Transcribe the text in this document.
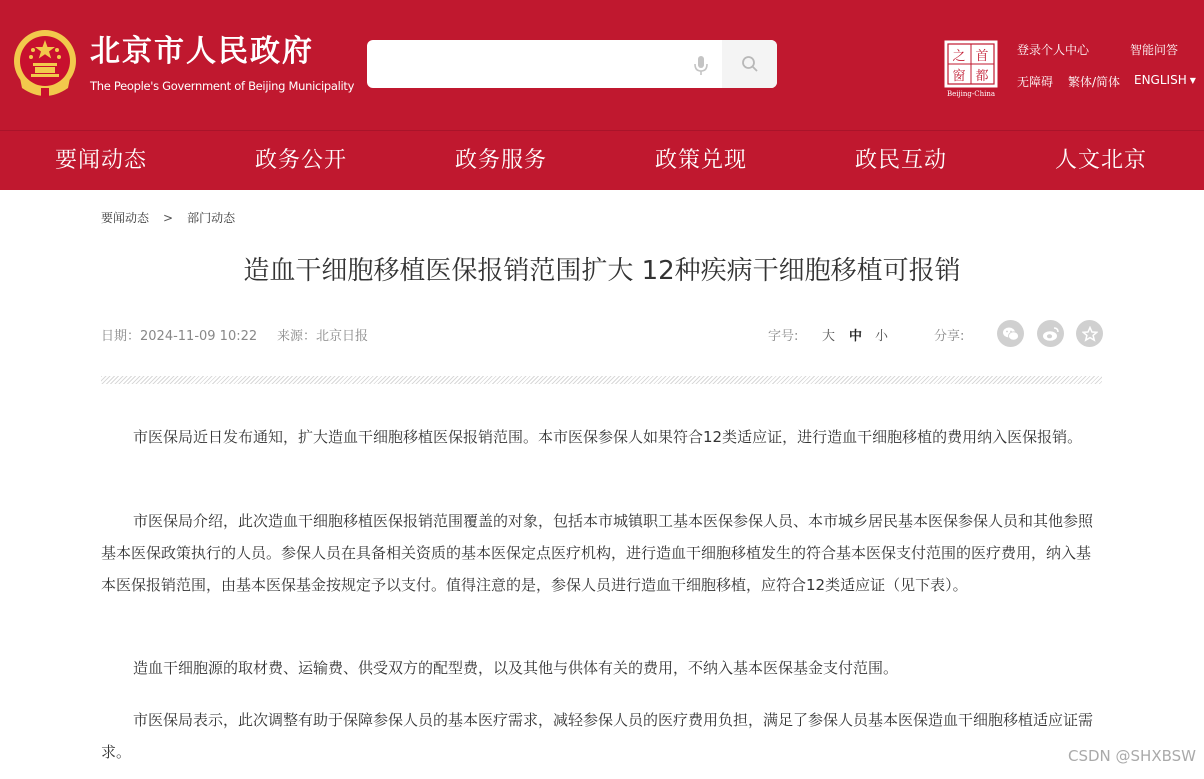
北京市人民政府
The People's Government of Beijing Municipality
首
都
之
窗
Beijing-China
登录个人中心	智能问答
无障碍 繁体/简体 ENGLISH ▼
要闻动态	政务公开	政务服务	政策兑现	政民互动	人文北京
要闻动态 > 部门动态
造血干细胞移植医保报销范围扩大 12种疾病干细胞移植可报销
日期：2024-11-09 10:22 来源：北京日报	字号: 大 中 小	分享:

市医保局近日发布通知，扩大造血干细胞移植医保报销范围。本市医保参保人如果符合12类适应证，进行造血干细胞移植的费用纳入医保报销。

市医保局介绍，此次造血干细胞移植医保报销范围覆盖的对象，包括本市城镇职工基本医保参保人员、本市城乡居民基本医保参保人员和其他参照基本医保政策执行的人员。参保人员在具备相关资质的基本医保定点医疗机构，进行造血干细胞移植发生的符合基本医保支付范围的医疗费用，纳入基本医保报销范围，由基本医保基金按规定予以支付。值得注意的是，参保人员进行造血干细胞移植，应符合12类适应证（见下表）。

造血干细胞源的取材费、运输费、供受双方的配型费，以及其他与供体有关的费用，不纳入基本医保基金支付范围。

市医保局表示，此次调整有助于保障参保人员的基本医疗需求，减轻参保人员的医疗费用负担，满足了参保人员基本医保造血干细胞移植适应证需求。	CSDN @SHXBSW
